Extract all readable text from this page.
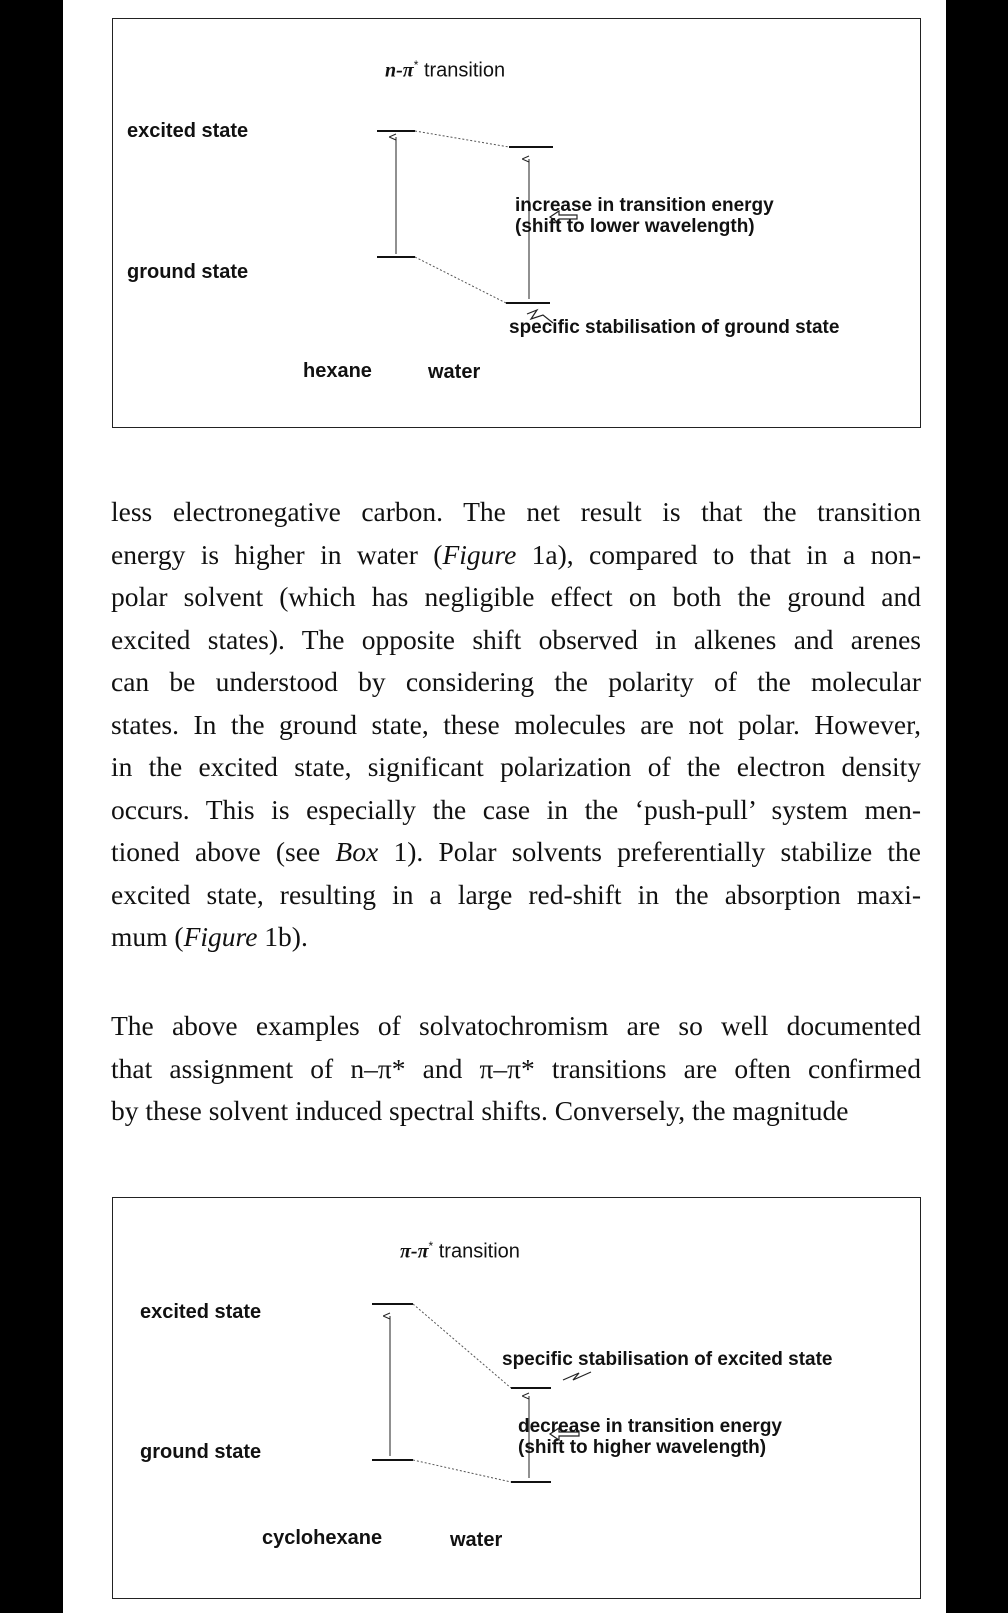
n-π* transition
excited state
ground state
increase in transition energy
(shift to lower wavelength)
specific stabilisation of ground state
hexane	water

less electronegative carbon. The net result is that the transition
energy is higher in water (Figure 1a), compared to that in a non-
polar solvent (which has negligible effect on both the ground and
excited states). The opposite shift observed in alkenes and arenes
can be understood by considering the polarity of the molecular
states. In the ground state, these molecules are not polar. However,
in the excited state, significant polarization of the electron density
occurs. This is especially the case in the ‘push-pull’ system men-
tioned above (see Box 1). Polar solvents preferentially stabilize the
excited state, resulting in a large red-shift in the absorption maxi-
mum (Figure 1b).

The above examples of solvatochromism are so well documented
that assignment of n–π* and π–π* transitions are often confirmed
by these solvent induced spectral shifts. Conversely, the magnitude

π-π* transition
excited state
ground state
specific stabilisation of excited state
decrease in transition energy
(shift to higher wavelength)
cyclohexane	water
